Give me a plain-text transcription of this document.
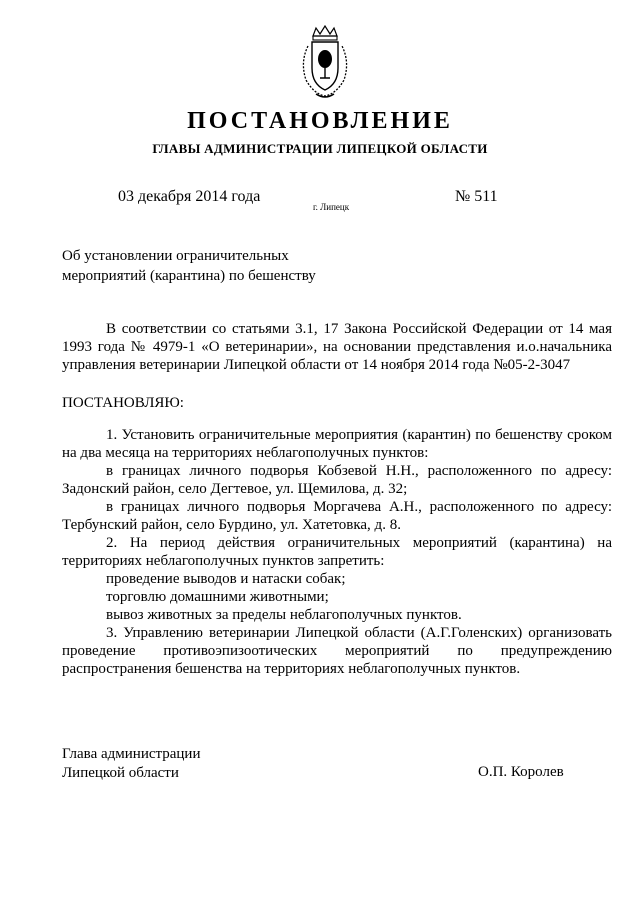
ПОСТАНОВЛЕНИЕ
ГЛАВЫ АДМИНИСТРАЦИИ ЛИПЕЦКОЙ ОБЛАСТИ
03 декабря 2014 года
г. Липецк
№ 511
Об установлении ограничительных
мероприятий (карантина) по бешенству

В соответствии со статьями 3.1, 17 Закона Российской Федерации от 14 мая 1993 года № 4979-1 «О ветеринарии», на основании представления и.о.начальника управления ветеринарии Липецкой области от 14 ноября 2014 года №05-2-3047

ПОСТАНОВЛЯЮ:

1. Установить ограничительные мероприятия (карантин) по бешенству сроком на два месяца на территориях неблагополучных пунктов:

в границах личного подворья Кобзевой Н.Н., расположенного по адресу: Задонский район, село Дегтевое, ул. Щемилова, д. 32;

в границах личного подворья Моргачева А.Н., расположенного по адресу: Тербунский район, село Бурдино, ул. Хатетовка, д. 8.

2. На период действия ограничительных мероприятий (карантина) на территориях неблагополучных пунктов запретить:

проведение выводов и натаски собак;

торговлю домашними животными;

вывоз животных за пределы неблагополучных пунктов.

3. Управлению ветеринарии Липецкой области (А.Г.Голенских) организовать проведение противоэпизоотических мероприятий по предупреждению распространения бешенства на территориях неблагополучных пунктов.

Глава администрации
Липецкой области	О.П. Королев
